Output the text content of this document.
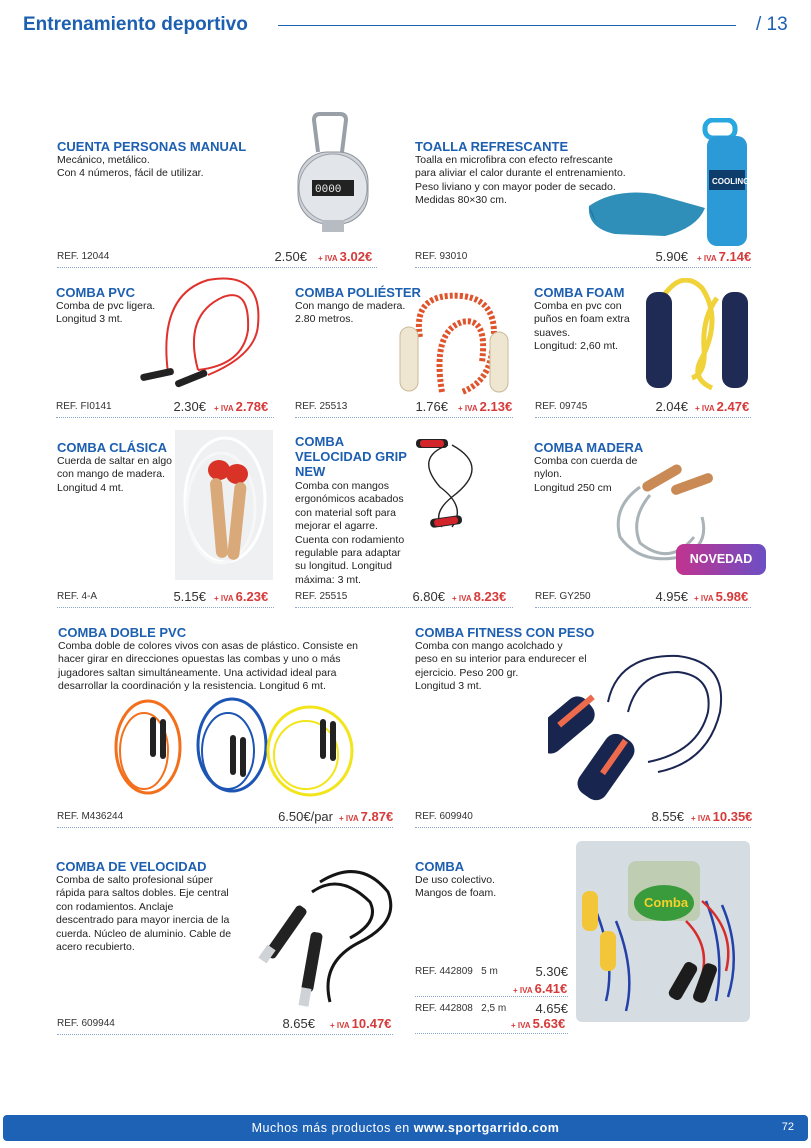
Entrenamiento deportivo	/ 13
CUENTA PERSONAS MANUAL
Mecánico, metálico.
Con 4 números, fácil de utilizar.
0000
REF. 12044	2.50€ + IVA 3.02€
TOALLA REFRESCANTE
Toalla en microfibra con efecto refrescante
para aliviar el calor durante el entrenamiento.
Peso liviano y con mayor poder de secado.
Medidas 80×30 cm.
COOLING
REF. 93010	5.90€ + IVA 7.14€
COMBA PVC
Comba de pvc ligera.
Longitud 3 mt.
REF. FI0141	2.30€ + IVA 2.78€
COMBA POLIÉSTER
Con mango de madera.
2.80 metros.
REF. 25513	1.76€ + IVA 2.13€
COMBA FOAM
Comba en pvc con
puños en foam extra
suaves.
Longitud: 2,60 mt.
REF. 09745	2.04€ + IVA 2.47€
COMBA CLÁSICA
Cuerda de saltar en algo
con mango de madera.
Longitud 4 mt.
REF. 4-A	5.15€ + IVA 6.23€
COMBA
VELOCIDAD GRIP
NEW
Comba con mangos
ergonómicos acabados
con material soft para
mejorar el agarre.
Cuenta con rodamiento
regulable para adaptar
su longitud. Longitud
máxima: 3 mt.
REF. 25515	6.80€ + IVA 8.23€
COMBA MADERA
Comba con cuerda de
nylon.
Longitud 250 cm
NOVEDAD
REF. GY250	4.95€ + IVA 5.98€
COMBA DOBLE PVC
Comba doble de colores vivos con asas de plástico. Consiste en
hacer girar en direcciones opuestas las combas y uno o más
jugadores saltan simultáneamente. Una actividad ideal para
desarrollar la coordinación y la resistencia. Longitud 6 mt.
REF. M436244	6.50€/par + IVA 7.87€
COMBA FITNESS CON PESO
Comba con mango acolchado y
peso en su interior para endurecer el
ejercicio. Peso 200 gr.
Longitud 3 mt.
REF. 609940	8.55€ + IVA 10.35€
COMBA DE VELOCIDAD
Comba de salto profesional súper
rápida para saltos dobles. Eje central
con rodamientos. Anclaje
descentrado para mayor inercia de la
cuerda. Núcleo de aluminio. Cable de
acero recubierto.
REF. 609944	8.65€ + IVA 10.47€
COMBA
De uso colectivo.
Mangos de foam.
Comba
REF. 442809 5 m	5.30€
+ IVA 6.41€
REF. 442808 2,5 m	4.65€
+ IVA 5.63€
Muchos más productos en www.sportgarrido.com	72
